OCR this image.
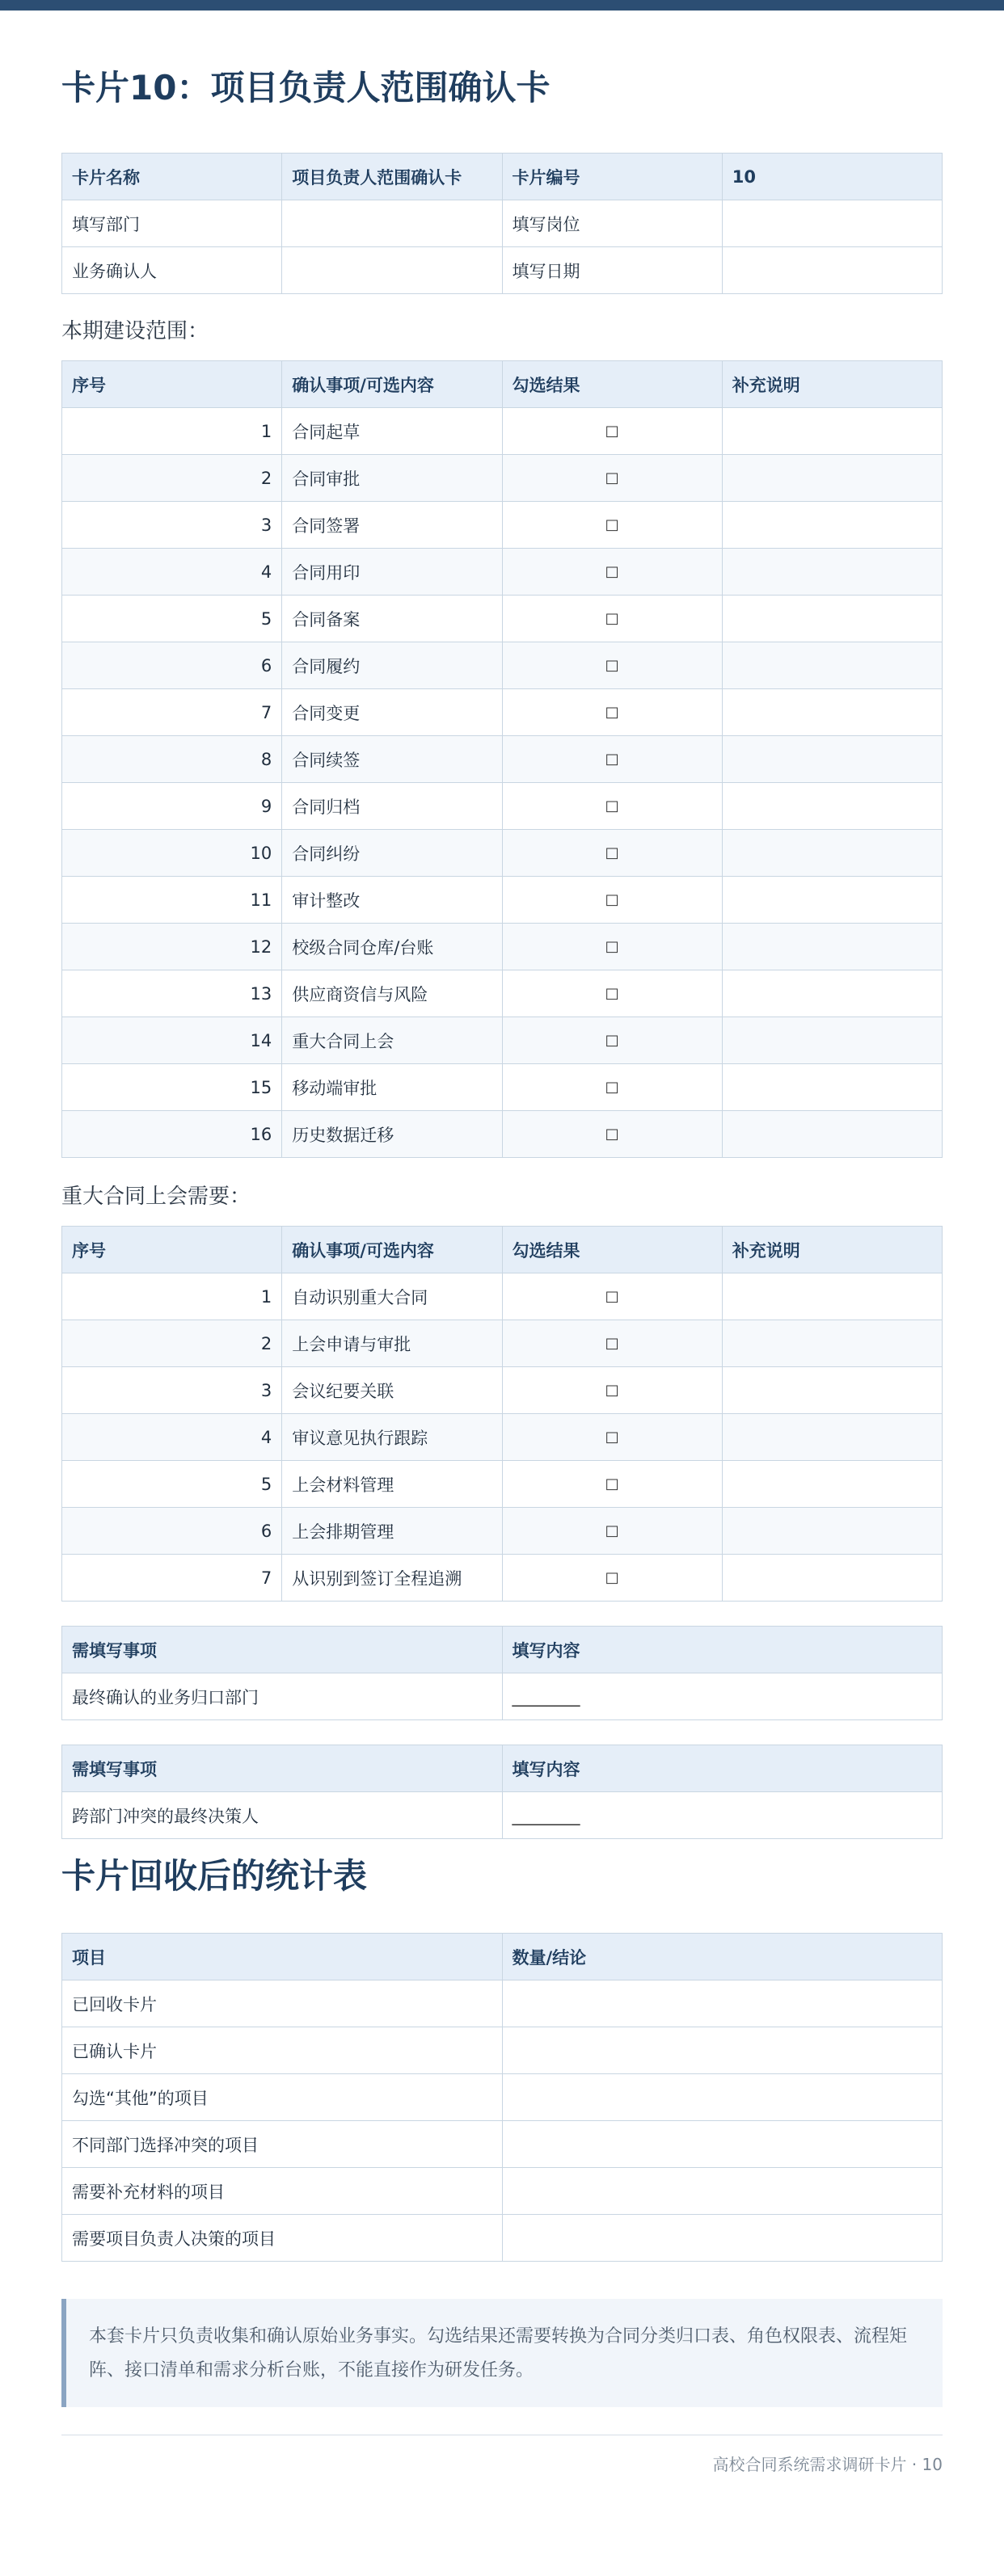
卡片10：项目负责人范围确认卡
卡片名称	项目负责人范围确认卡	卡片编号	10
填写部门		填写岗位	
业务确认人		填写日期	
本期建设范围：
序号	确认事项/可选内容	勾选结果	补充说明
1	合同起草	□	
2	合同审批	□	
3	合同签署	□	
4	合同用印	□	
5	合同备案	□	
6	合同履约	□	
7	合同变更	□	
8	合同续签	□	
9	合同归档	□	
10	合同纠纷	□	
11	审计整改	□	
12	校级合同仓库/台账	□	
13	供应商资信与风险	□	
14	重大合同上会	□	
15	移动端审批	□	
16	历史数据迁移	□	
重大合同上会需要：
序号	确认事项/可选内容	勾选结果	补充说明
1	自动识别重大合同	□	
2	上会申请与审批	□	
3	会议纪要关联	□	
4	审议意见执行跟踪	□	
5	上会材料管理	□	
6	上会排期管理	□	
7	从识别到签订全程追溯	□	
需填写事项	填写内容
最终确认的业务归口部门	________
需填写事项	填写内容
跨部门冲突的最终决策人	________
卡片回收后的统计表
项目	数量/结论
已回收卡片	
已确认卡片	
勾选“其他”的项目	
不同部门选择冲突的项目	
需要补充材料的项目	
需要项目负责人决策的项目	
本套卡片只负责收集和确认原始业务事实。勾选结果还需要转换为合同分类归口表、角色权限表、流程矩阵、接口清单和需求分析台账，不能直接作为研发任务。
高校合同系统需求调研卡片 · 10
